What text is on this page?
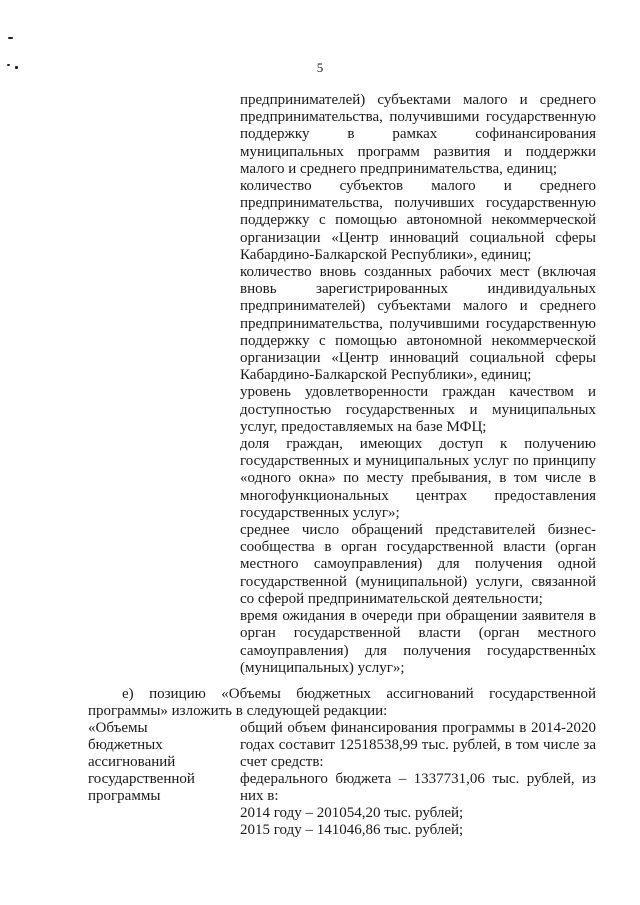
5

предпринимателей) субъектами малого и среднего предпринимательства, получившими государственную поддержку в рамках софинансирования муниципальных программ развития и поддержки малого и среднего предпринимательства, единиц;

количество субъектов малого и среднего предпринимательства, получивших государственную поддержку с помощью автономной некоммерческой организации «Центр инноваций социальной сферы Кабардино-Балкарской Республики», единиц;

количество вновь созданных рабочих мест (включая вновь зарегистрированных индивидуальных предпринимателей) субъектами малого и среднего предпринимательства, получившими государственную поддержку с помощью автономной некоммерческой организации «Центр инноваций социальной сферы Кабардино-Балкарской Республики», единиц;

уровень удовлетворенности граждан качеством и доступностью государственных и муниципальных услуг, предоставляемых на базе МФЦ;

доля граждан, имеющих доступ к получению государственных и муниципальных услуг по принципу «одного окна» по месту пребывания, в том числе в многофункциональных центрах предоставления государственных услуг»;

среднее число обращений представителей бизнес-сообщества в орган государственной власти (орган местного самоуправления) для получения одной государственной (муниципальной) услуги, связанной со сферой предпринимательской деятельности;

время ожидания в очереди при обращении заявителя в орган государственной власти (орган местного самоуправления) для получения государственных (муниципальных) услуг»;

е) позицию «Объемы бюджетных ассигнований государственной программы» изложить в следующей редакции:

«Объемы
бюджетных
ассигнований
государственной
программы

общий объем финансирования программы в 2014-2020 годах составит 12518538,99 тыс. рублей, в том числе за счет средств:

федерального бюджета – 1337731,06 тыс. рублей, из них в:

2014 году – 201054,20 тыс. рублей;

2015 году – 141046,86 тыс. рублей;
